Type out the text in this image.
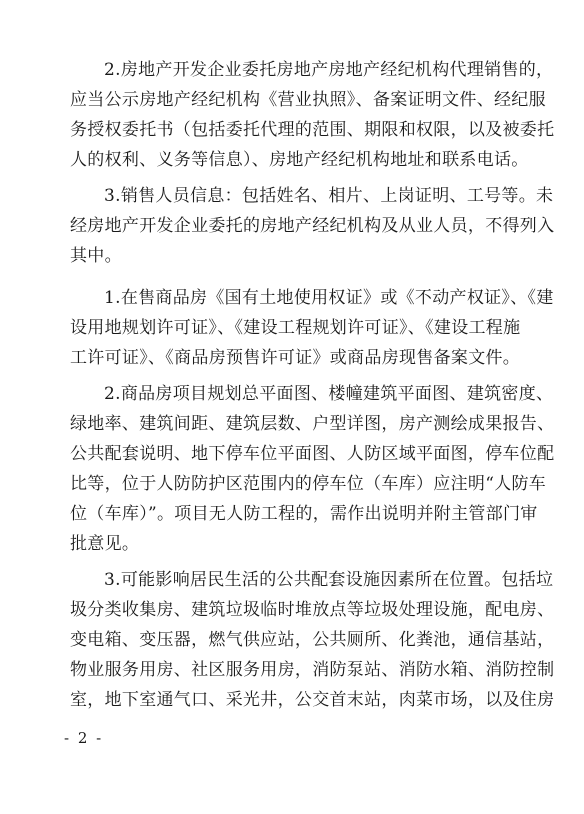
2.房地产开发企业委托房地产房地产经纪机构代理销售的，
应当公示房地产经纪机构《营业执照》、备案证明文件、经纪服
务授权委托书（包括委托代理的范围、期限和权限，以及被委托
人的权利、义务等信息）、房地产经纪机构地址和联系电话。
3.销售人员信息：包括姓名、相片、上岗证明、工号等。未
经房地产开发企业委托的房地产经纪机构及从业人员，不得列入
其中。
1.在售商品房《国有土地使用权证》或《不动产权证》、《建
设用地规划许可证》、《建设工程规划许可证》、《建设工程施
工许可证》、《商品房预售许可证》或商品房现售备案文件。
2.商品房项目规划总平面图、楼幢建筑平面图、建筑密度、
绿地率、建筑间距、建筑层数、户型详图，房产测绘成果报告、
公共配套说明、地下停车位平面图、人防区域平面图，停车位配
比等，位于人防防护区范围内的停车位（车库）应注明“人防车
位（车库）”。项目无人防工程的，需作出说明并附主管部门审
批意见。
3.可能影响居民生活的公共配套设施因素所在位置。包括垃
圾分类收集房、建筑垃圾临时堆放点等垃圾处理设施，配电房、
变电箱、变压器，燃气供应站，公共厕所、化粪池，通信基站，
物业服务用房、社区服务用房，消防泵站、消防水箱、消防控制
室，地下室通气口、采光井，公交首末站，肉菜市场，以及住房
- 2 -
